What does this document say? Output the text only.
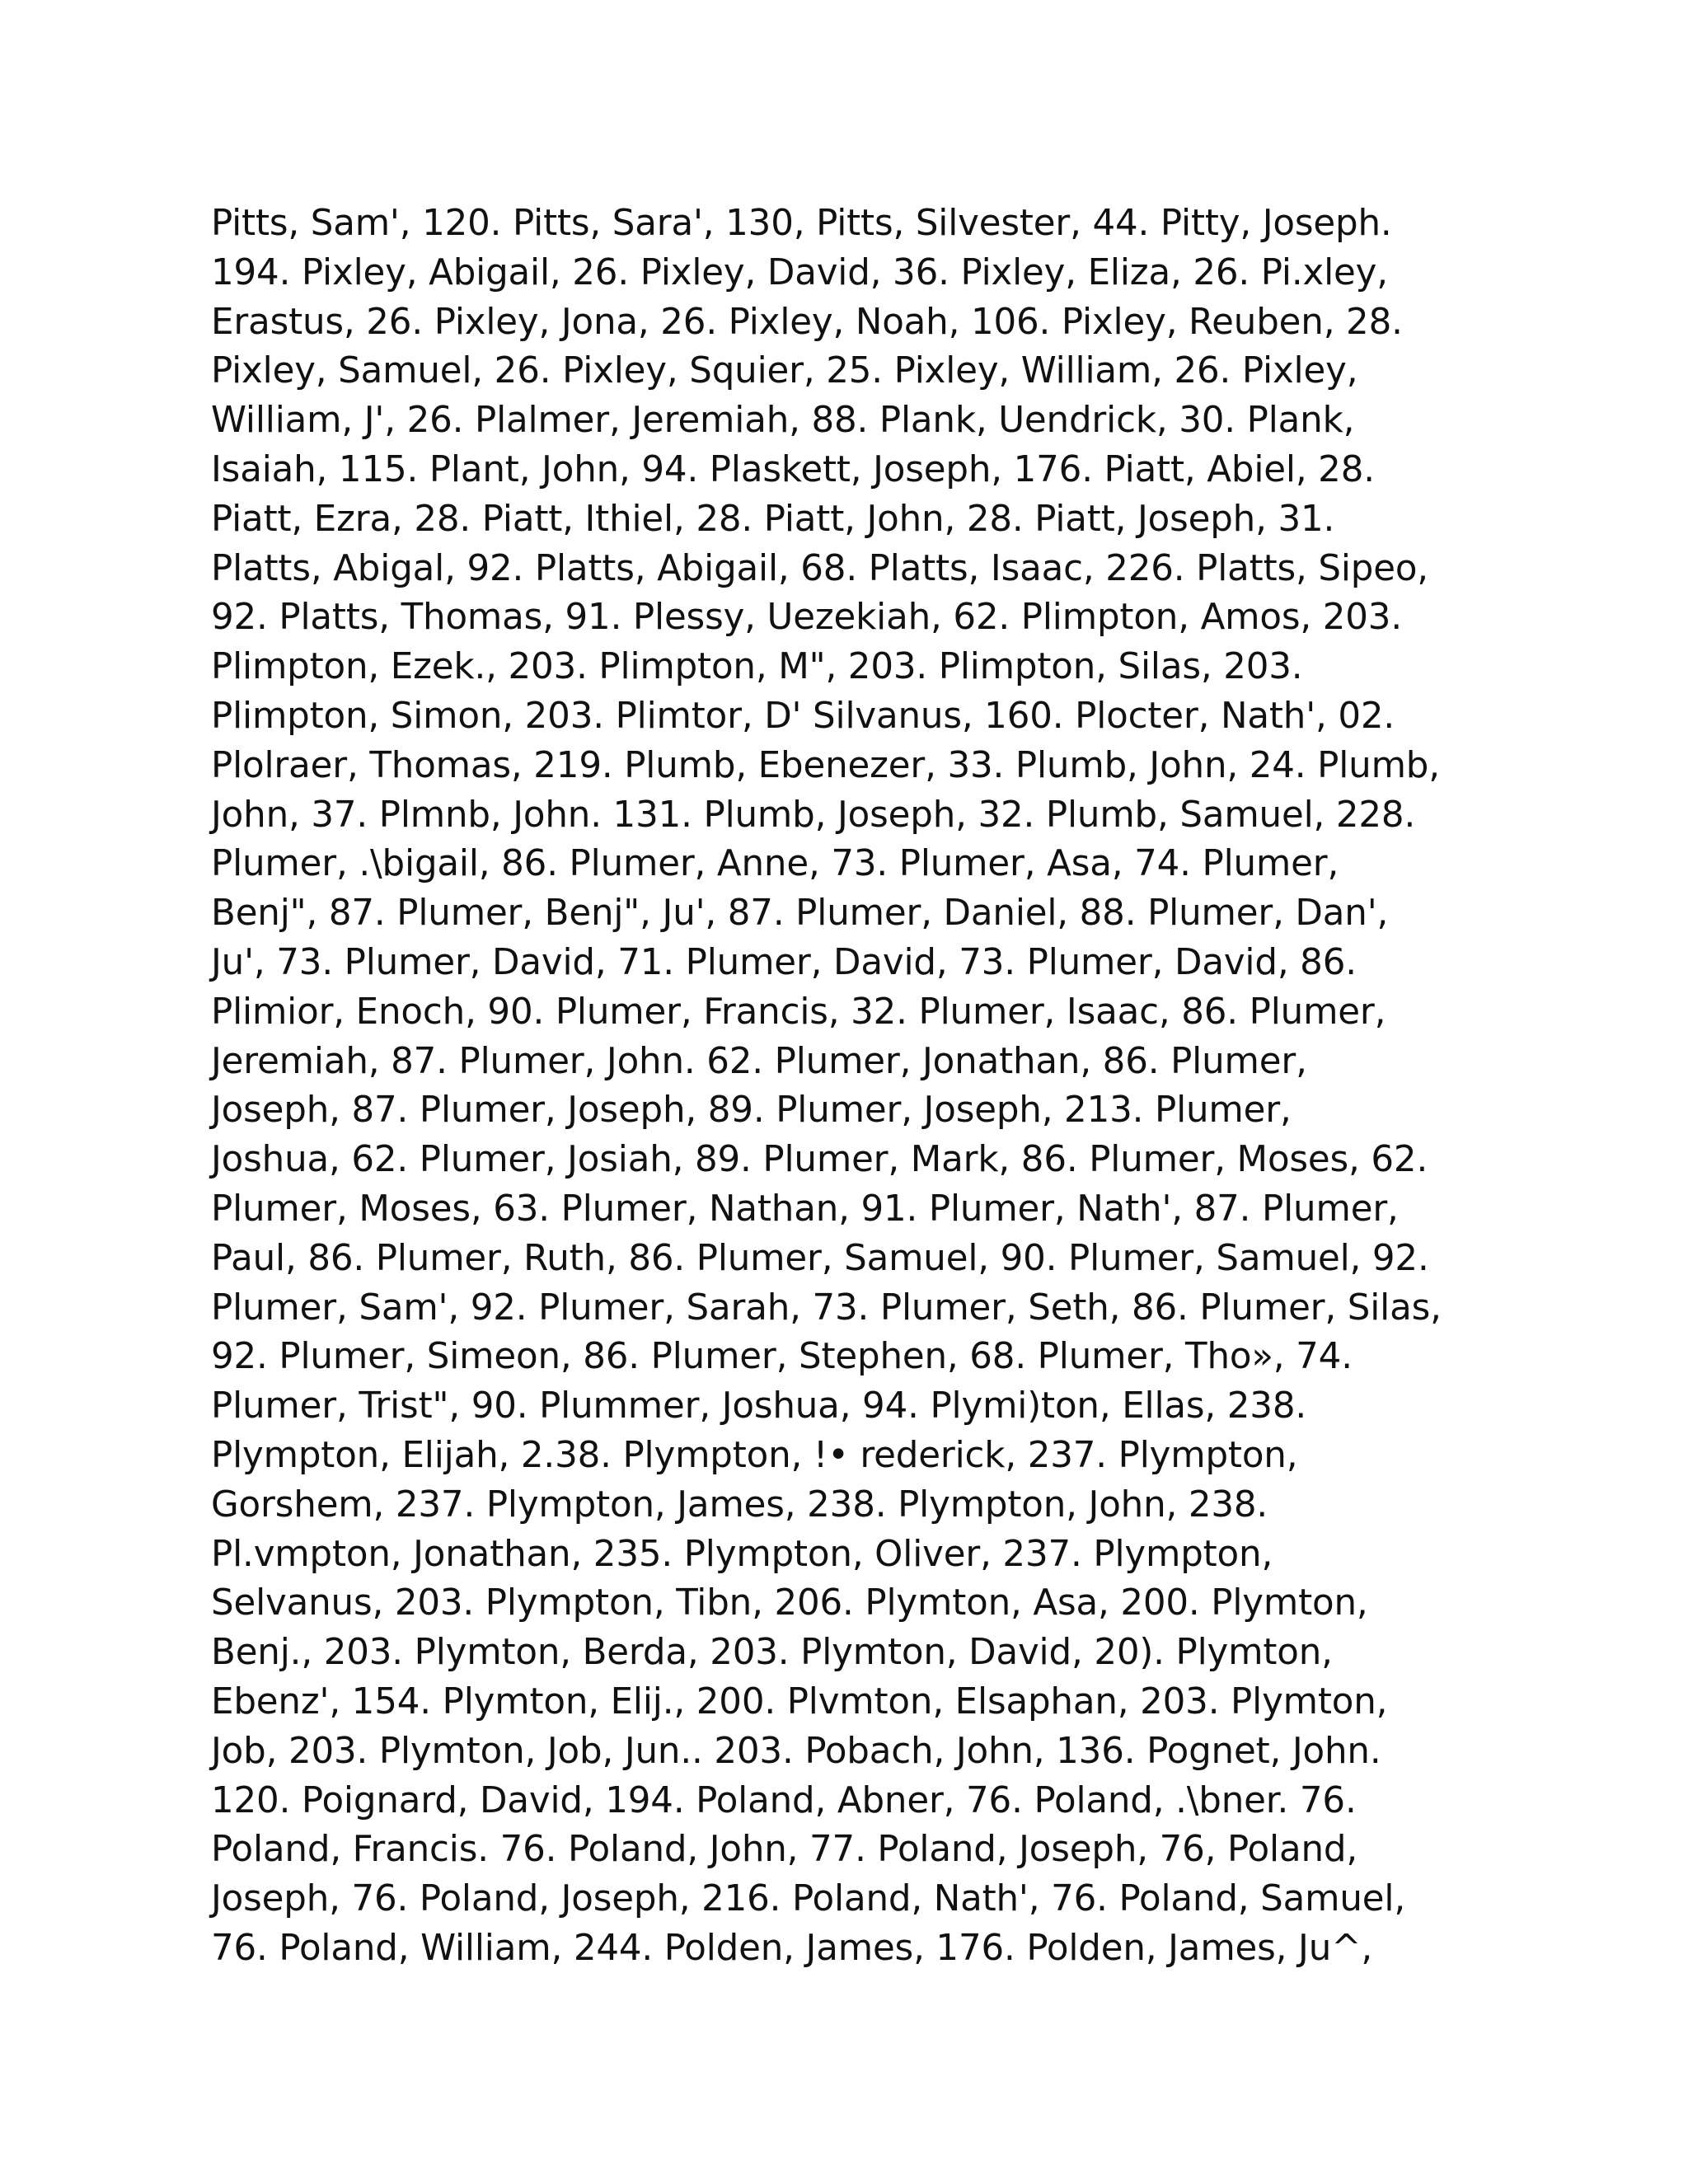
Pitts, Sam', 120. Pitts, Sara', 130, Pitts, Silvester, 44. Pitty, Joseph.
194. Pixley, Abigail, 26. Pixley, David, 36. Pixley, Eliza, 26. Pi.xley,
Erastus, 26. Pixley, Jona, 26. Pixley, Noah, 106. Pixley, Reuben, 28.
Pixley, Samuel, 26. Pixley, Squier, 25. Pixley, William, 26. Pixley,
William, J', 26. Plalmer, Jeremiah, 88. Plank, Uendrick, 30. Plank,
Isaiah, 115. Plant, John, 94. Plaskett, Joseph, 176. Piatt, Abiel, 28.
Piatt, Ezra, 28. Piatt, Ithiel, 28. Piatt, John, 28. Piatt, Joseph, 31.
Platts, Abigal, 92. Platts, Abigail, 68. Platts, Isaac, 226. Platts, Sipeo,
92. Platts, Thomas, 91. Plessy, Uezekiah, 62. Plimpton, Amos, 203.
Plimpton, Ezek., 203. Plimpton, M", 203. Plimpton, Silas, 203.
Plimpton, Simon, 203. Plimtor, D' Silvanus, 160. Plocter, Nath', 02.
Plolraer, Thomas, 219. Plumb, Ebenezer, 33. Plumb, John, 24. Plumb,
John, 37. Plmnb, John. 131. Plumb, Joseph, 32. Plumb, Samuel, 228.
Plumer, .\bigail, 86. Plumer, Anne, 73. Plumer, Asa, 74. Plumer,
Benj", 87. Plumer, Benj", Ju', 87. Plumer, Daniel, 88. Plumer, Dan',
Ju', 73. Plumer, David, 71. Plumer, David, 73. Plumer, David, 86.
Plimior, Enoch, 90. Plumer, Francis, 32. Plumer, Isaac, 86. Plumer,
Jeremiah, 87. Plumer, John. 62. Plumer, Jonathan, 86. Plumer,
Joseph, 87. Plumer, Joseph, 89. Plumer, Joseph, 213. Plumer,
Joshua, 62. Plumer, Josiah, 89. Plumer, Mark, 86. Plumer, Moses, 62.
Plumer, Moses, 63. Plumer, Nathan, 91. Plumer, Nath', 87. Plumer,
Paul, 86. Plumer, Ruth, 86. Plumer, Samuel, 90. Plumer, Samuel, 92.
Plumer, Sam', 92. Plumer, Sarah, 73. Plumer, Seth, 86. Plumer, Silas,
92. Plumer, Simeon, 86. Plumer, Stephen, 68. Plumer, Tho», 74.
Plumer, Trist", 90. Plummer, Joshua, 94. Plymi)ton, Ellas, 238.
Plympton, Elijah, 2.38. Plympton, !• rederick, 237. Plympton,
Gorshem, 237. Plympton, James, 238. Plympton, John, 238.
Pl.vmpton, Jonathan, 235. Plympton, Oliver, 237. Plympton,
Selvanus, 203. Plympton, Tibn, 206. Plymton, Asa, 200. Plymton,
Benj., 203. Plymton, Berda, 203. Plymton, David, 20). Plymton,
Ebenz', 154. Plymton, Elij., 200. Plvmton, Elsaphan, 203. Plymton,
Job, 203. Plymton, Job, Jun.. 203. Pobach, John, 136. Pognet, John.
120. Poignard, David, 194. Poland, Abner, 76. Poland, .\bner. 76.
Poland, Francis. 76. Poland, John, 77. Poland, Joseph, 76, Poland,
Joseph, 76. Poland, Joseph, 216. Poland, Nath', 76. Poland, Samuel,
76. Poland, William, 244. Polden, James, 176. Polden, James, Ju^,
